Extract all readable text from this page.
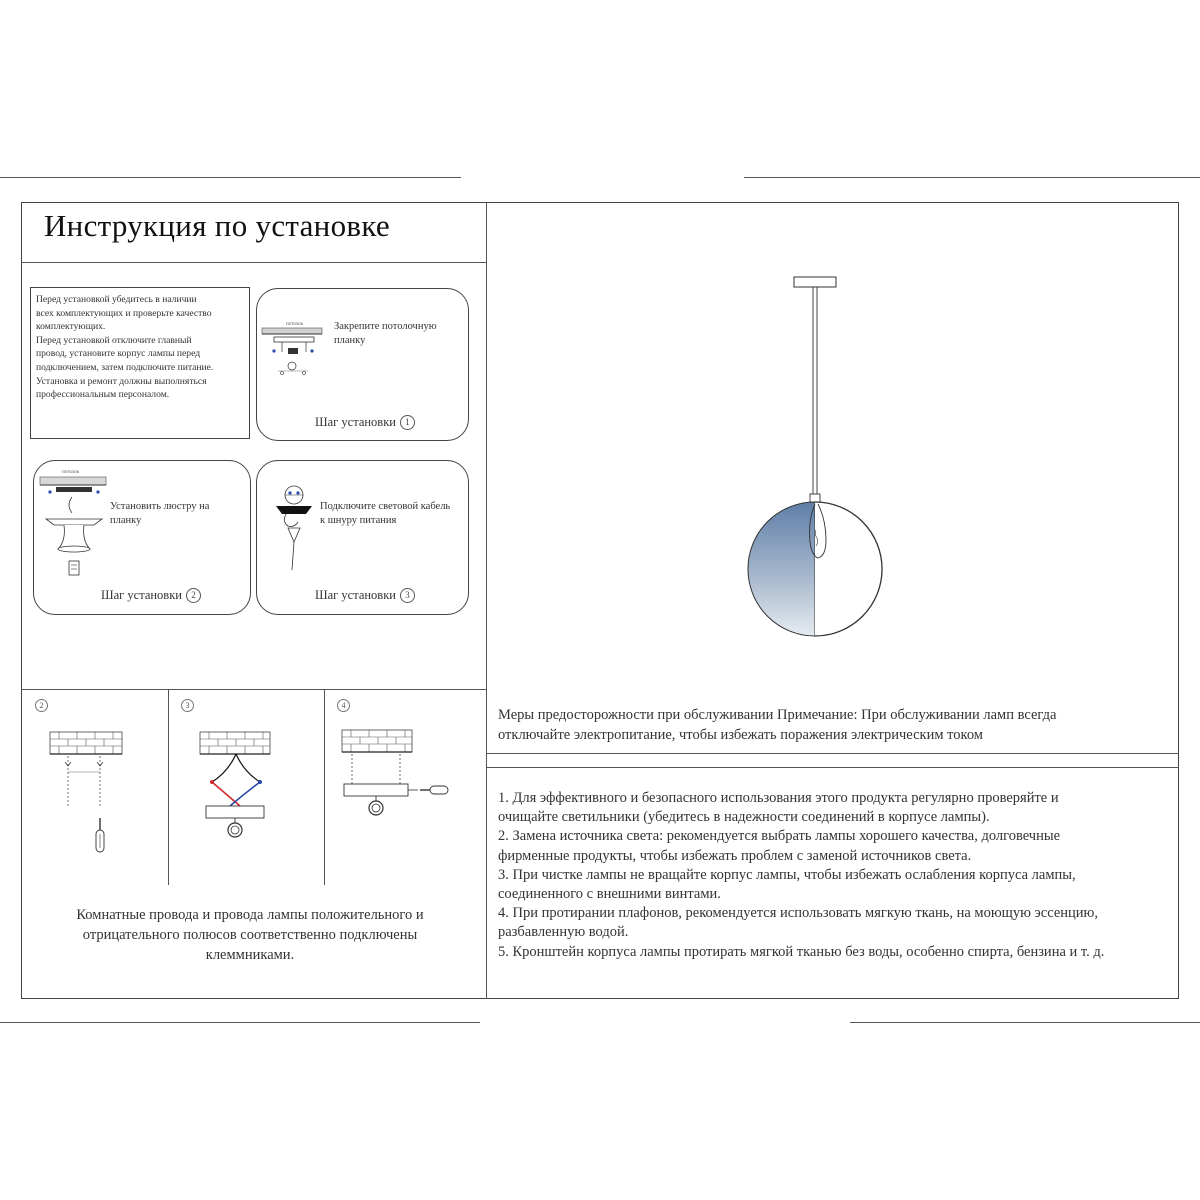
Инструкция по установке
Перед установкой убедитесь в наличии
всех комплектующих и проверьте качество
комплектующих.
Перед установкой отключите главный
провод, установите корпус лампы перед
подключением, затем подключите питание.
Установка и ремонт должны выполняться
профессиональным персоналом.
потолок	Закрепите потолочную
планку
Шаг установки 1
потолок
Установить люстру на
планку
Шаг установки 2
Подключите световой кабель
к шнуру питания
Шаг установки 3
2	3	4
Комнатные провода и провода лампы положительного и отрицательного полюсов соответственно подключены клеммниками.
Меры предосторожности при обслуживании Примечание: При обслуживании ламп всегда
отключайте электропитание, чтобы избежать поражения электрическим током

1. Для эффективного и безопасного использования этого продукта регулярно проверяйте и

очищайте светильники (убедитесь в надежности соединений в корпусе лампы).

2. Замена источника света: рекомендуется выбрать лампы хорошего качества, долговечные

фирменные продукты, чтобы избежать проблем с заменой источников света.

3. При чистке лампы не вращайте корпус лампы, чтобы избежать ослабления корпуса лампы,

соединенного с внешними винтами.

4. При протирании плафонов, рекомендуется использовать мягкую ткань, на моющую эссенцию,

разбавленную водой.

5. Кронштейн корпуса лампы протирать мягкой тканью без воды, особенно спирта, бензина и т. д.
